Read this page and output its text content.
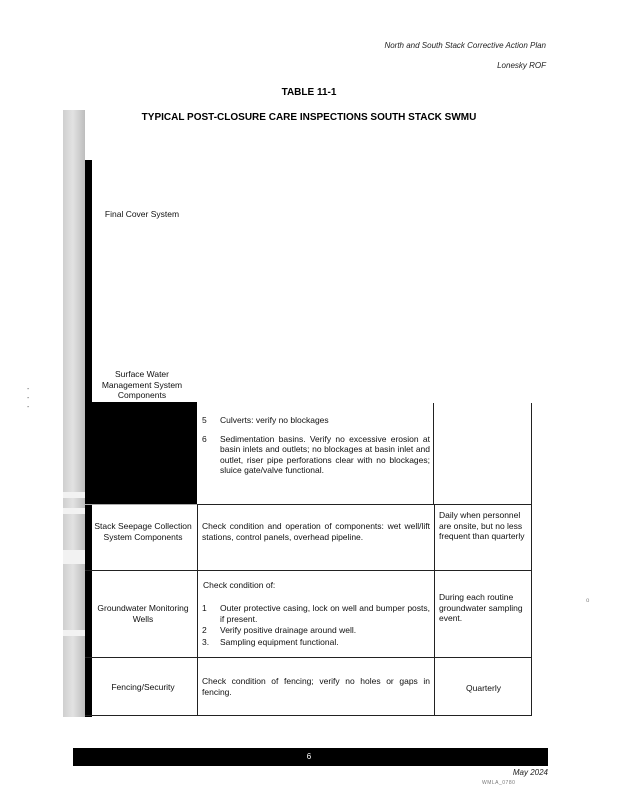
North and South Stack Corrective Action Plan
Lonesky ROF
TABLE 11-1
TYPICAL POST-CLOSURE CARE INSPECTIONS SOUTH STACK SWMU
-
-
-
Final Cover System
Surface Water Management System Components
5 Culverts: verify no blockages
6 Sedimentation basins. Verify no excessive erosion at basin inlets and outlets; no blockages at basin inlet and outlet, riser pipe perforations clear with no blockages; sluice gate/valve functional.
Stack Seepage Collection System Components
Check condition and operation of components: wet well/lift stations, control panels, overhead pipeline.
Daily when personnel are onsite, but no less frequent than quarterly
Groundwater Monitoring Wells
Check condition of:
1 Outer protective casing, lock on well and bumper posts, if present.
2 Verify positive drainage around well.
3. Sampling equipment functional.
During each routine groundwater sampling event.
Fencing/Security
Check condition of fencing; verify no holes or gaps in fencing.	Quarterly
o
6
May 2024
WMLA_0780
